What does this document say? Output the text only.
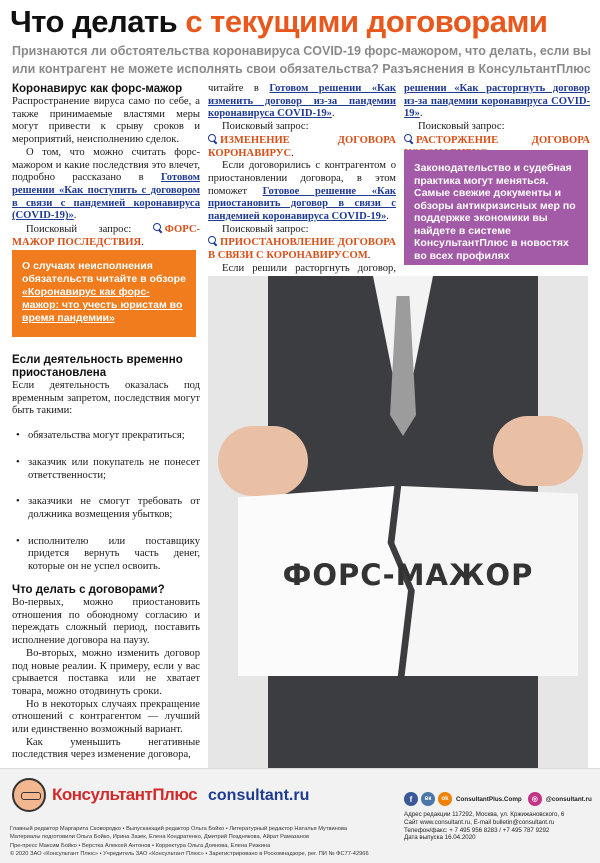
Что делать с текущими договорами
Признаются ли обстоятельства коронавируса COVID-19 форс-мажором, что делать, если вы или контрагент не можете исполнять свои обязательства? Разъяснения в КонсультантПлюс
Коронавирус как форс-мажор

Распространение вируса само по себе, а также принимаемые властями меры могут привести к срыву сроков и мероприятий, неисполнению сделок.

О том, что можно считать форс-мажором и какие последствия это влечет, подробно рассказано в Готовом решении «Как поступить с договором в связи с пандемией коронавируса (COVID-19)».

Поисковый запрос: ФОРС-МАЖОР ПОСЛЕДСТВИЯ.

О случаях неисполнения обязательств читайте в обзоре «Коронавирус как форс-мажор: что учесть юристам во время пандемии»
Если деятельность временно приостановлена

Если деятельность оказалась под временным запретом, последствия могут быть такими:

• обязательства могут прекратиться;
• заказчик или покупатель не понесет ответственности;
• заказчики не смогут требовать от должника возмещения убытков;
• исполнителю или поставщику придется вернуть часть денег, которые он не успел освоить.
Что делать с договорами?

Во-первых, можно приостановить отношения по обоюдному согласию и переждать сложный период, поставить исполнение договора на паузу.

Во-вторых, можно изменить договор под новые реалии. К примеру, если у вас срывается поставка или не хватает товара, можно отодвинуть сроки.

Но в некоторых случаях прекращение отношений с контрагентом — лучший или единственно возможный вариант.

Как уменьшить негативные последствия через изменение договора,

читайте в Готовом решении «Как изменить договор из-за пандемии коронавируса COVID-19».

Поисковый запрос:

ИЗМЕНЕНИЕ ДОГОВОРА КОРОНАВИРУС.

Если договорились с контрагентом о приостановлении договора, в этом поможет Готовое решение «Как приостановить договор в связи с пандемией коронавируса COVID-19».

Поисковый запрос:

ПРИОСТАНОВЛЕНИЕ ДОГОВОРА В СВЯЗИ С КОРОНАВИРУСОМ.

Если решили расторгнуть договор,

решении «Как расторгнуть договор из-за пандемии коронавируса COVID-19».

Поисковый запрос:

РАСТОРЖЕНИЕ ДОГОВОРА

Законодательство и судебная практика могут меняться. Самые свежие документы и обзоры антикризисных мер по поддержке экономики вы найдете в системе КонсультантПлюс в новостях во всех профилях
ФОРС-МАЖОР
КонсультантПлюс consultant.ru	f	вк	ok	ConsultantPlus.Comp	◎	@consultant.ru
Адрес редакции 117292, Москва, ул. Кржижановского, 6
Сайт www.consultant.ru, E-mail bulletin@consultant.ru
Телефон/факс: + 7 495 956 8283 / +7 495 787 9292
Дата выпуска 16.04.2020
Главный редактор Маргарита Сковородко • Выпускающий редактор Ольга Бойко • Литературный редактор Наталья Мутвинова
Материалы подготовили Ольга Бойко, Ирина Зазек, Елена Кондратенко, Дмитрий Позднякова, Айрат Рамазанов
Пре-пресс Максим Бойко • Верстка Алексей Антонов • Корректура Ольга Доянова, Елена Ризкина
© 2020 ЗАО «Консультант Плюс» • Учредитель ЗАО «Консультант Плюс» • Зарегистрировано в Роскомнадзоре, рег. ПИ № ФС77-42966
